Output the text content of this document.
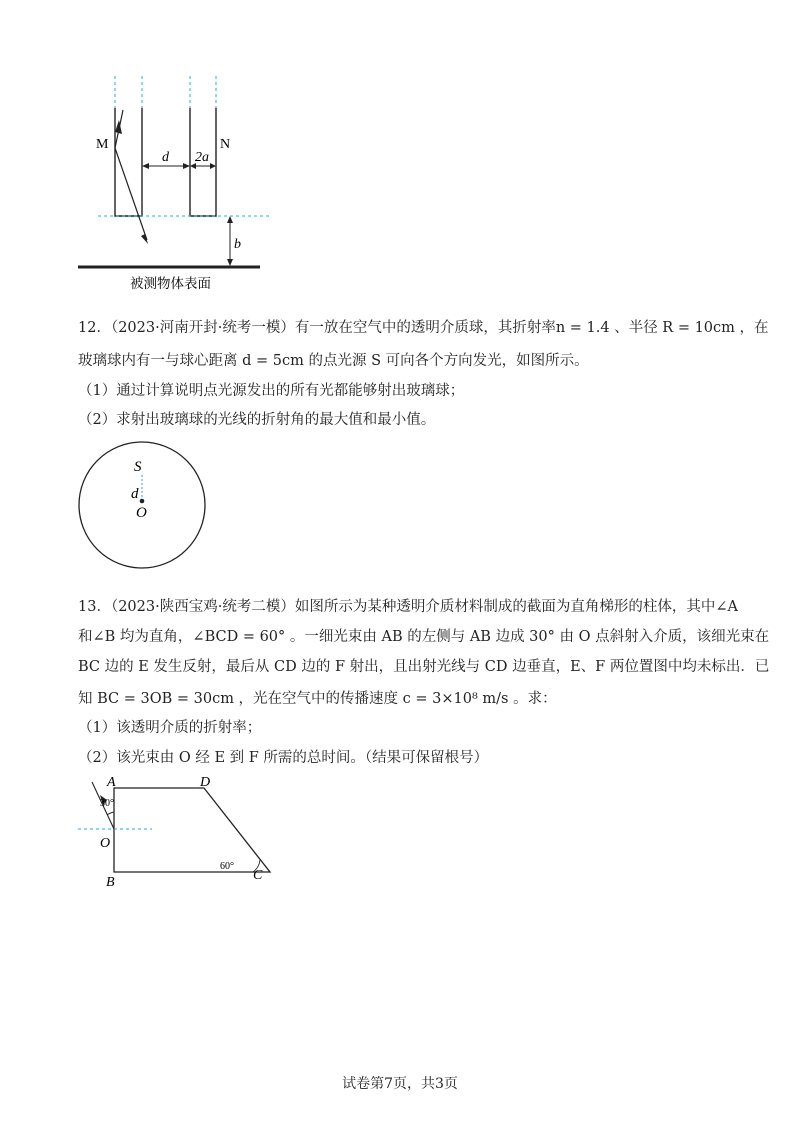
M	N
d 2a
b
被测物体表面
12．（2023·河南开封·统考一模）有一放在空气中的透明介质球，其折射率n = 1.4 、半径 R = 10cm ，在
玻璃球内有一与球心距离 d = 5cm 的点光源 S 可向各个方向发光，如图所示。
（1）通过计算说明点光源发出的所有光都能够射出玻璃球；
（2）求射出玻璃球的光线的折射角的最大值和最小值。
S
d
O
13．（2023·陕西宝鸡·统考二模）如图所示为某种透明介质材料制成的截面为直角梯形的柱体，其中∠A
和∠B 均为直角，∠BCD = 60° 。一细光束由 AB 的左侧与 AB 边成 30° 由 O 点斜射入介质，该细光束在
BC 边的 E 发生反射，最后从 CD 边的 F 射出，且出射光线与 CD 边垂直，E、F 两位置图中均未标出．已
知 BC = 3OB = 30cm ，光在空气中的传播速度 c = 3×10⁸ m/s 。求：
（1）该透明介质的折射率；
（2）该光束由 O 经 E 到 F 所需的总时间。（结果可保留根号）
A	D
O
B	C
30°
60°
试卷第7页，共3页
